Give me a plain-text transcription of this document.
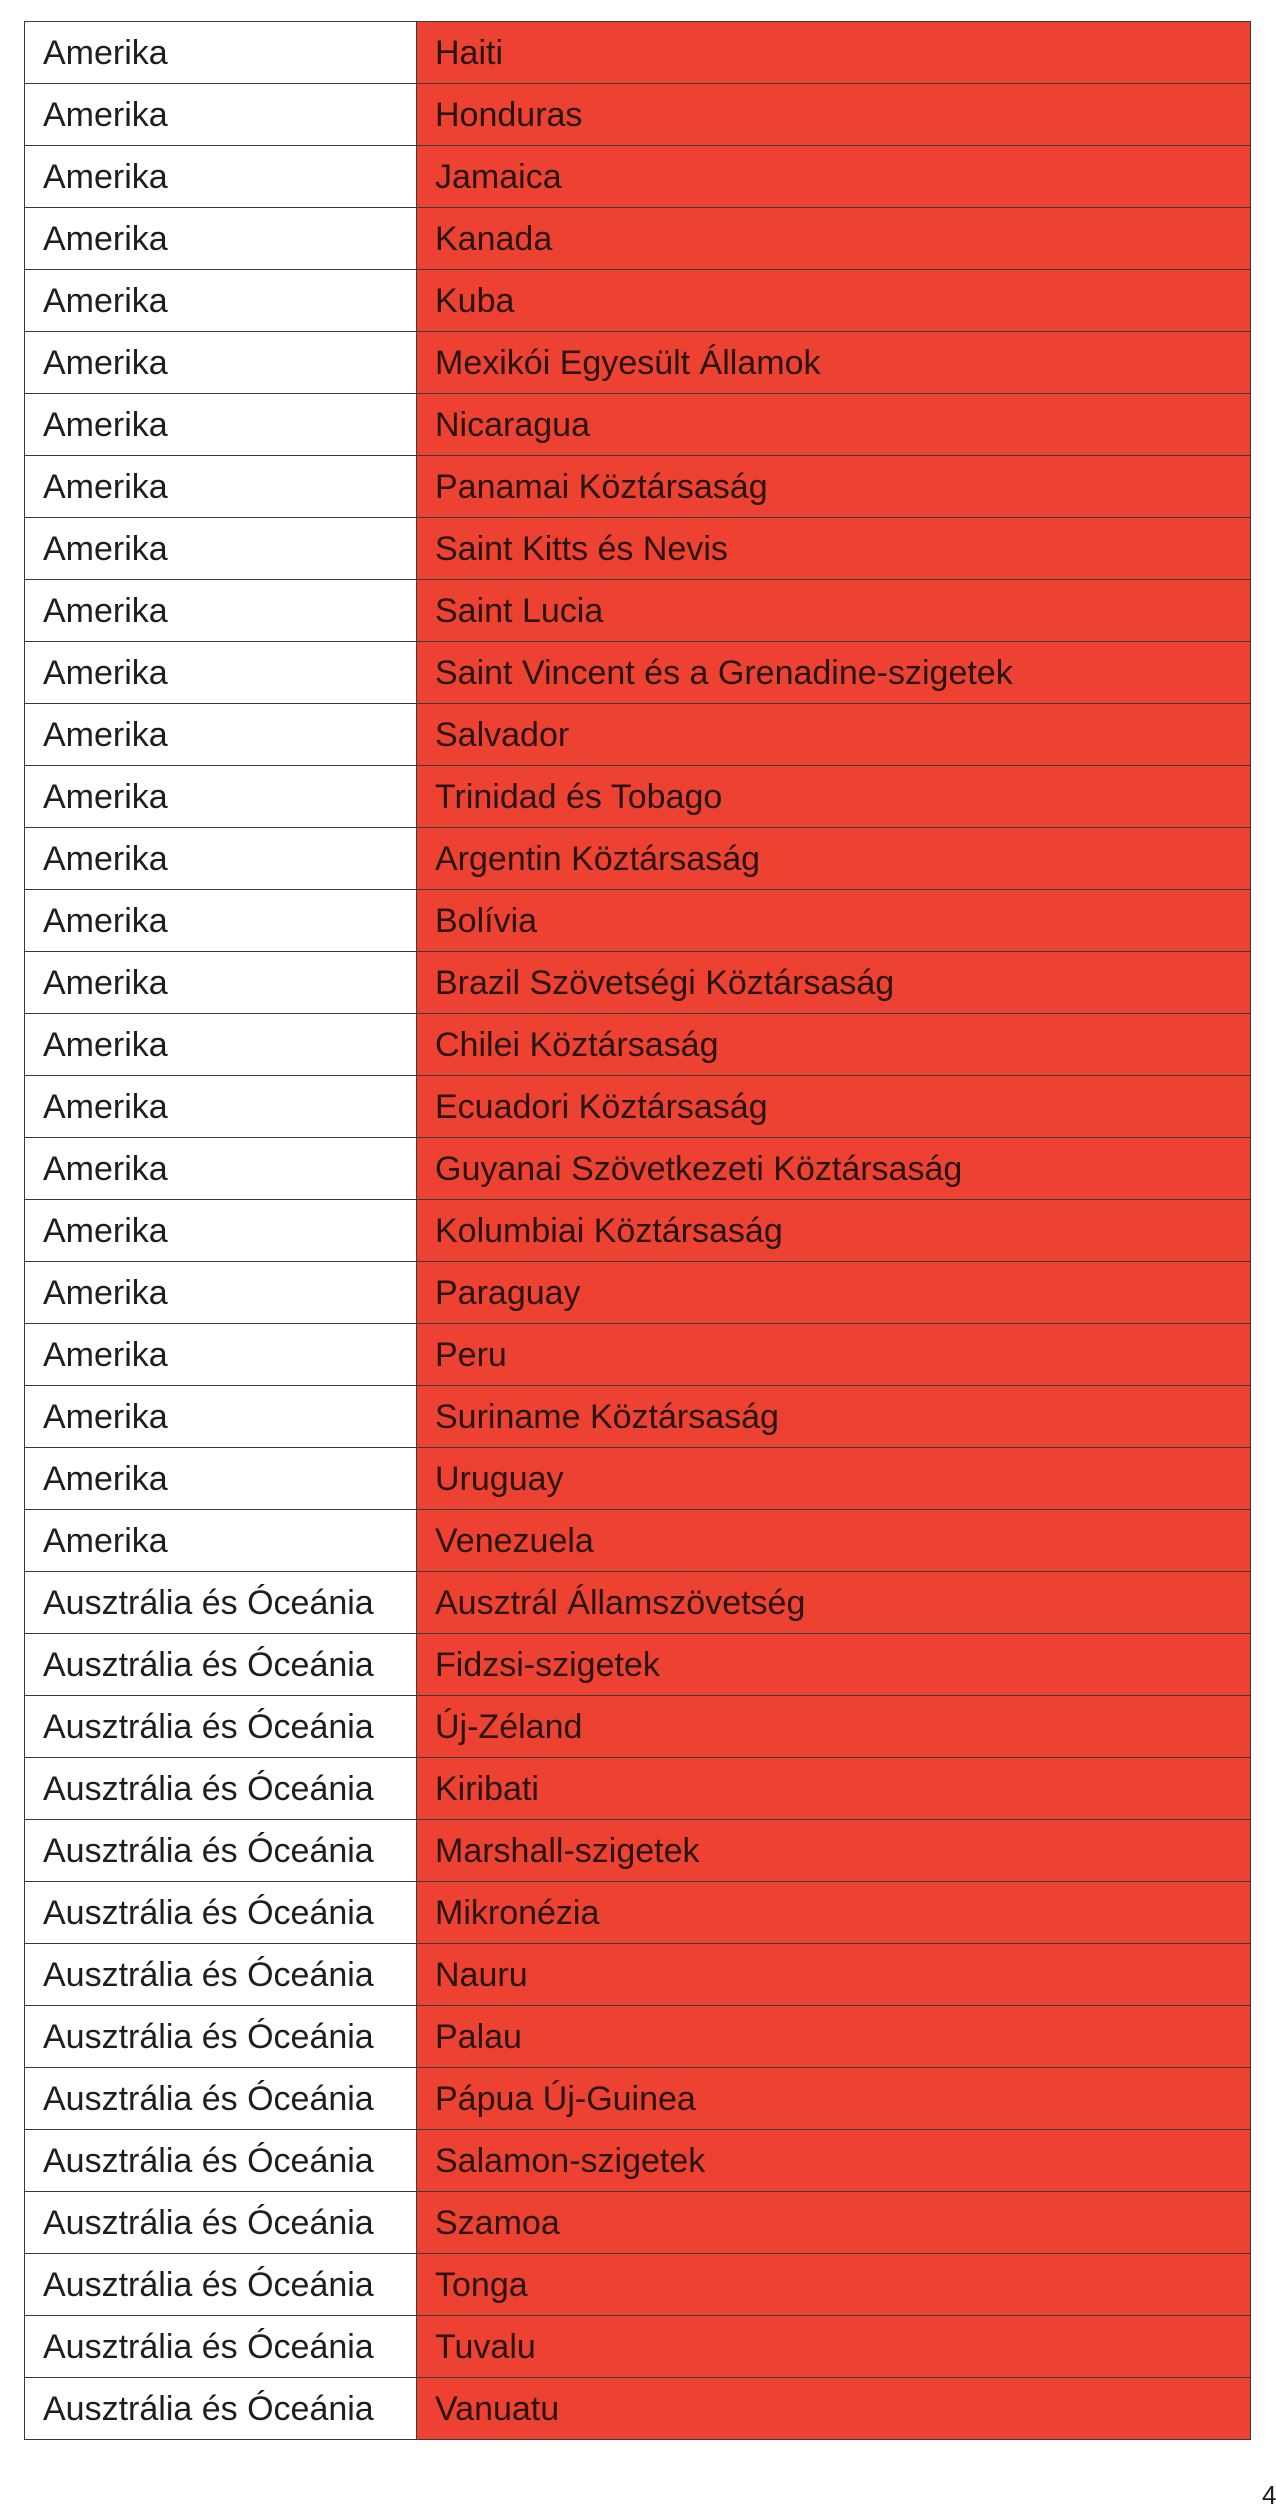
Amerika	Haiti
Amerika	Honduras
Amerika	Jamaica
Amerika	Kanada
Amerika	Kuba
Amerika	Mexikói Egyesült Államok
Amerika	Nicaragua
Amerika	Panamai Köztársaság
Amerika	Saint Kitts és Nevis
Amerika	Saint Lucia
Amerika	Saint Vincent és a Grenadine-szigetek
Amerika	Salvador
Amerika	Trinidad és Tobago
Amerika	Argentin Köztársaság
Amerika	Bolívia
Amerika	Brazil Szövetségi Köztársaság
Amerika	Chilei Köztársaság
Amerika	Ecuadori Köztársaság
Amerika	Guyanai Szövetkezeti Köztársaság
Amerika	Kolumbiai Köztársaság
Amerika	Paraguay
Amerika	Peru
Amerika	Suriname Köztársaság
Amerika	Uruguay
Amerika	Venezuela
Ausztrália és Óceánia	Ausztrál Államszövetség
Ausztrália és Óceánia	Fidzsi-szigetek
Ausztrália és Óceánia	Új-Zéland
Ausztrália és Óceánia	Kiribati
Ausztrália és Óceánia	Marshall-szigetek
Ausztrália és Óceánia	Mikronézia
Ausztrália és Óceánia	Nauru
Ausztrália és Óceánia	Palau
Ausztrália és Óceánia	Pápua Új-Guinea
Ausztrália és Óceánia	Salamon-szigetek
Ausztrália és Óceánia	Szamoa
Ausztrália és Óceánia	Tonga
Ausztrália és Óceánia	Tuvalu
Ausztrália és Óceánia	Vanuatu
4
